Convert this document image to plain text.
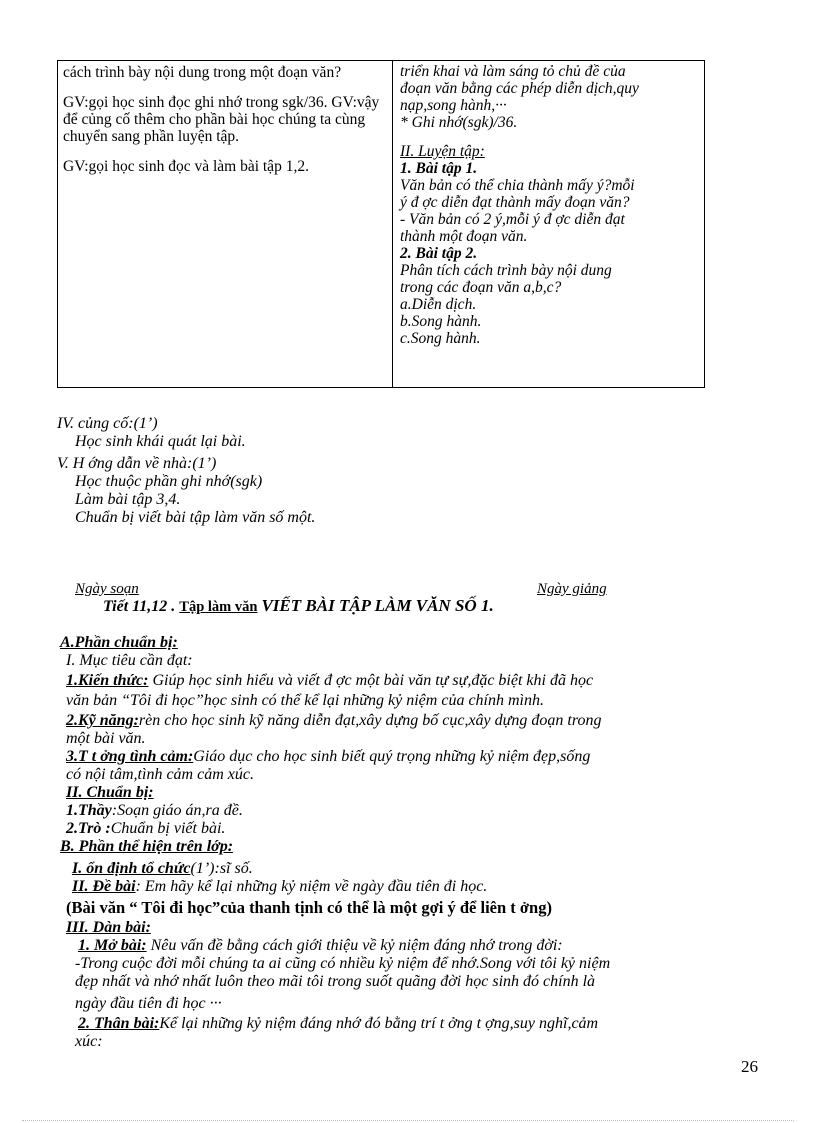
cách trình bày nội dung trong một đoạn văn?

GV:gọi học sinh đọc ghi nhớ trong sgk/36. GV:vậy để củng cố thêm cho phần bài học chúng ta cùng chuyển sang phần luyện tập.

GV:gọi học sinh đọc và làm bài tập 1,2.

triển khai và làm sáng tỏ chủ đề của
đoạn văn bằng các phép diễn dịch,quy
nạp,song hành,···
* Ghi nhớ(sgk)/36.
II. Luyện tập:
1. Bài tập 1.
Văn bản có thể chia thành mấy ý?mỗi
ý đ ợc diễn đạt thành mấy đoạn văn?
- Văn bản có 2 ý,mỗi ý đ ợc diễn đạt
thành một đoạn văn.
2. Bài tập 2.
Phân tích cách trình bày nội dung
trong các đoạn văn a,b,c?
a.Diễn dịch.
b.Song hành.
c.Song hành.
IV. củng cố:(1’)
Học sinh khái quát lại bài.
V. H ớng dẫn về nhà:(1’)
Học thuộc phần ghi nhớ(sgk)
Làm bài tập 3,4.
Chuẩn bị viết bài tập làm văn số một.
Ngày soạn	Ngày giảng
Tiết 11,12 . Tập làm văn VIẾT BÀI TẬP LÀM VĂN SỐ 1.
A.Phần chuẩn bị:
I. Mục tiêu cần đạt:
1.Kiến thức: Giúp học sinh hiểu và viết đ ợc một bài văn tự sự,đặc biệt khi đã học
văn bản “Tôi đi học”học sinh có thể kể lại những kỷ niệm của chính mình.
2.Kỹ năng:rèn cho học sinh kỹ năng diễn đạt,xây dựng bố cục,xây dựng đoạn trong
một bài văn.
3.T t ởng tình cảm:Giáo dục cho học sinh biết quý trọng những kỷ niệm đẹp,sống
có nội tâm,tình cảm cảm xúc.
II. Chuẩn bị:
1.Thầy:Soạn giáo án,ra đề.
2.Trò :Chuẩn bị viết bài.
B. Phần thể hiện trên lớp:
I. ổn định tổ chức(1’):sĩ số.
II. Đề bài: Em hãy kể lại những kỷ niệm về ngày đầu tiên đi học.
(Bài văn “ Tôi đi học”của thanh tịnh có thể là một gợi ý để liên t ởng)
III. Dàn bài:
1. Mở bài: Nêu vấn đề bằng cách giới thiệu về kỷ niệm đáng nhớ trong đời:
-Trong cuộc đời mỗi chúng ta ai cũng có nhiều kỷ niệm để nhớ.Song với tôi kỷ niệm
đẹp nhất và nhớ nhất luôn theo mãi tôi trong suốt quãng đời học sinh đó chính là
ngày đầu tiên đi học ···
2. Thân bài:Kể lại những kỷ niệm đáng nhớ đó bằng trí t ởng t ợng,suy nghĩ,cảm
xúc:
26
